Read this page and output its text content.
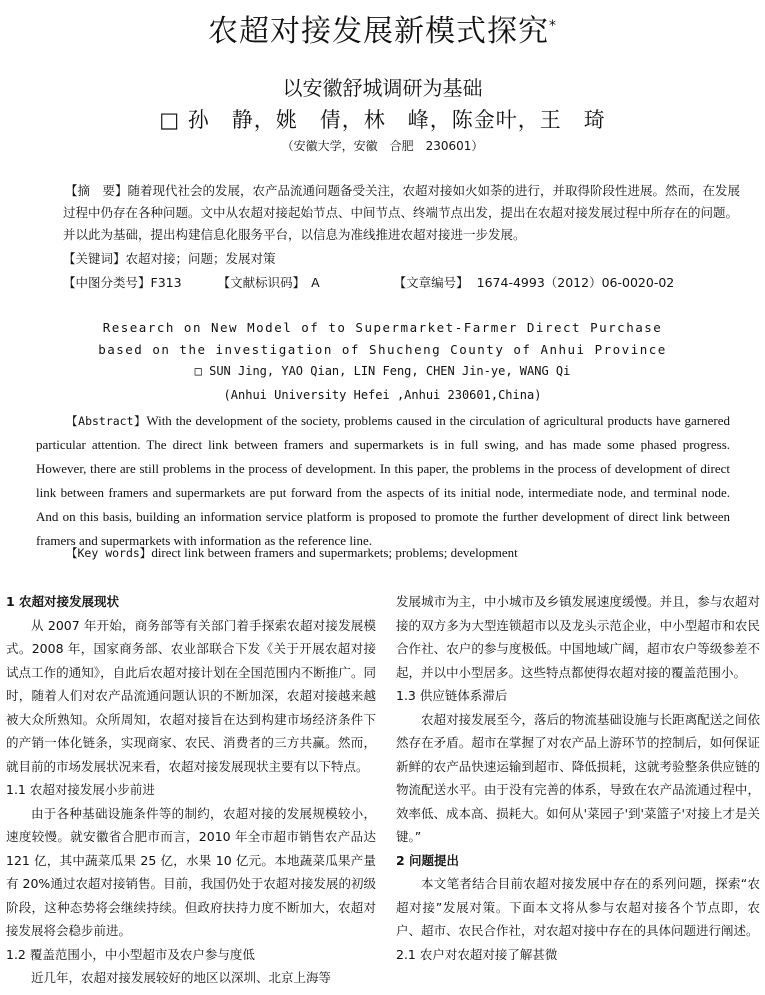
农超对接发展新模式探究*
以安徽舒城调研为基础
□ 孙　静，姚　倩，林　峰，陈金叶，王　琦
（安徽大学，安徽　合肥　230601）
【摘　要】随着现代社会的发展，农产品流通问题备受关注，农超对接如火如荼的进行，并取得阶段性进展。然而，在发展过程中仍存在各种问题。文中从农超对接起始节点、中间节点、终端节点出发，提出在农超对接发展过程中所存在的问题。并以此为基础，提出构建信息化服务平台，以信息为准线推进农超对接进一步发展。
【关键词】农超对接；问题；发展对策
【中图分类号】F313	【文献标识码】 A	【文章编号】 1674-4993（2012）06-0020-02
Research on New Model of to Supermarket-Farmer Direct Purchase
based on the investigation of Shucheng County of Anhui Province
□ SUN Jing, YAO Qian, LIN Feng, CHEN Jin-ye, WANG Qi
(Anhui University Hefei ,Anhui 230601,China)
【Abstract】With the development of the society, problems caused in the circulation of agricultural products have garnered particular attention. The direct link between framers and supermarkets is in full swing, and has made some phased progress. However, there are still problems in the process of development. In this paper, the problems in the process of development of direct link between framers and supermarkets are put forward from the aspects of its initial node, intermediate node, and terminal node. And on this basis, building an information service platform is proposed to promote the further development of direct link between framers and supermarkets with information as the reference line.
【Key words】direct link between framers and supermarkets; problems; development
1 农超对接发展现状

从 2007 年开始，商务部等有关部门着手探索农超对接发展模式。2008 年，国家商务部、农业部联合下发《关于开展农超对接试点工作的通知》，自此后农超对接计划在全国范围内不断推广。同时，随着人们对农产品流通问题认识的不断加深，农超对接越来越被大众所熟知。众所周知，农超对接旨在达到构建市场经济条件下的产销一体化链条，实现商家、农民、消费者的三方共赢。然而，就目前的市场发展状况来看，农超对接发展现状主要有以下特点。

1.1 农超对接发展小步前进

由于各种基础设施条件等的制约，农超对接的发展规模较小，速度较慢。就安徽省合肥市而言，2010 年全市超市销售农产品达 121 亿，其中蔬菜瓜果 25 亿，水果 10 亿元。本地蔬菜瓜果产量有 20%通过农超对接销售。目前，我国仍处于农超对接发展的初级阶段，这种态势将会继续持续。但政府扶持力度不断加大，农超对接发展将会稳步前进。

1.2 覆盖范围小，中小型超市及农户参与度低

近几年，农超对接发展较好的地区以深圳、北京上海等

发展城市为主，中小城市及乡镇发展速度缓慢。并且，参与农超对接的双方多为大型连锁超市以及龙头示范企业，中小型超市和农民合作社、农户的参与度极低。中国地域广阔，超市农户等级参差不起，并以中小型居多。这些特点都使得农超对接的覆盖范围小。

1.3 供应链体系滞后

农超对接发展至今，落后的物流基础设施与长距离配送之间依然存在矛盾。超市在掌握了对农产品上游环节的控制后，如何保证新鲜的农产品快速运输到超市、降低损耗，这就考验整条供应链的物流配送水平。由于没有完善的体系，导致在农产品流通过程中，效率低、成本高、损耗大。如何从'菜园子'到'菜篮子'对接上才是关键。”

2 问题提出

本文笔者结合目前农超对接发展中存在的系列问题，探索“农超对接”发展对策。下面本文将从参与农超对接各个节点即，农户、超市、农民合作社，对农超对接中存在的具体问题进行阐述。

2.1 农户对农超对接了解甚微
